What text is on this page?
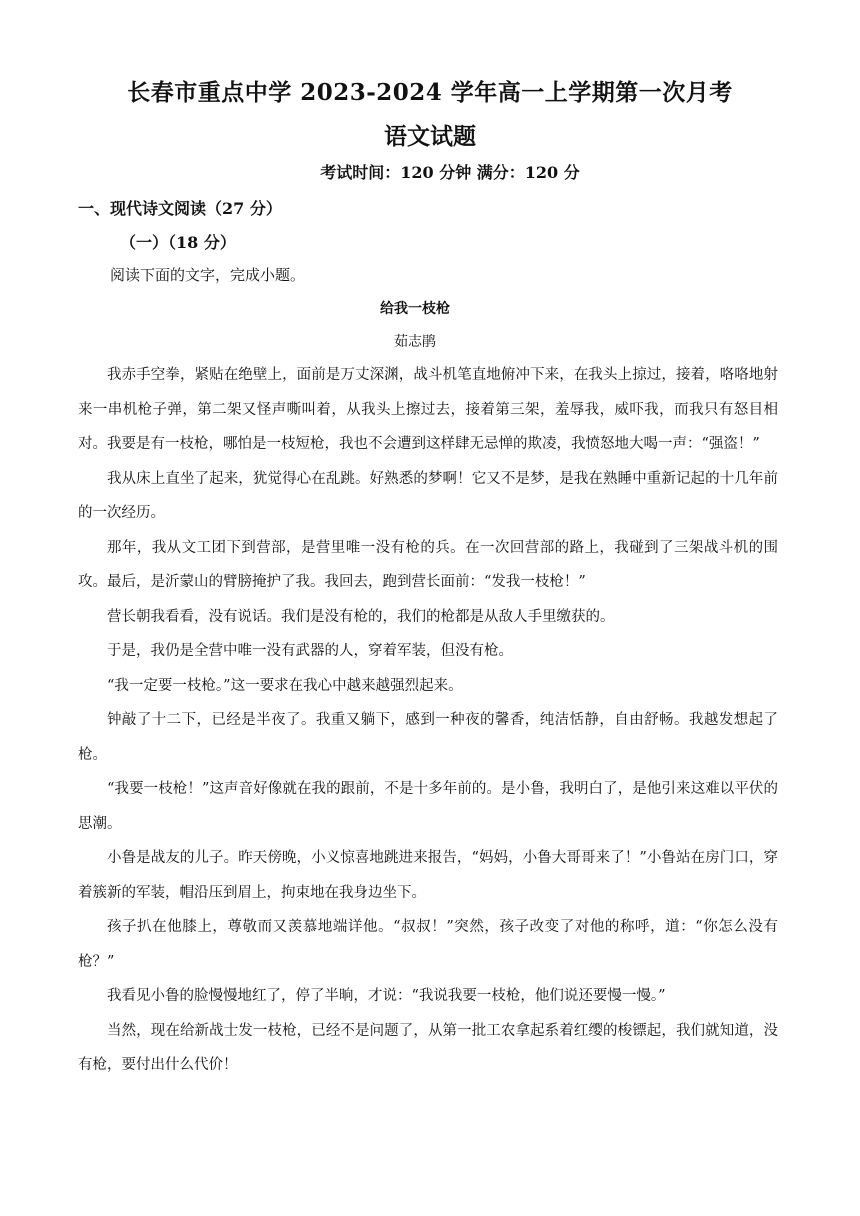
长春市重点中学 2023-2024 学年高一上学期第一次月考
语文试题
考试时间：120 分钟 满分：120 分
一、现代诗文阅读（27 分）
（一）（18 分）
阅读下面的文字，完成小题。
给我一枝枪
茹志鹃

我赤手空拳，紧贴在绝壁上，面前是万丈深渊，战斗机笔直地俯冲下来，在我头上掠过，接着，咯咯地射来一串机枪子弹，第二架又怪声嘶叫着，从我头上擦过去，接着第三架，羞辱我，威吓我，而我只有怒目相对。我要是有一枝枪，哪怕是一枝短枪，我也不会遭到这样肆无忌惮的欺凌，我愤怒地大喝一声：“强盗！”

我从床上直坐了起来，犹觉得心在乱跳。好熟悉的梦啊！它又不是梦，是我在熟睡中重新记起的十几年前的一次经历。

那年，我从文工团下到营部，是营里唯一没有枪的兵。在一次回营部的路上，我碰到了三架战斗机的围攻。最后，是沂蒙山的臂膀掩护了我。我回去，跑到营长面前：“发我一枝枪！”

营长朝我看看，没有说话。我们是没有枪的，我们的枪都是从敌人手里缴获的。

于是，我仍是全营中唯一没有武器的人，穿着军装，但没有枪。

“我一定要一枝枪。”这一要求在我心中越来越强烈起来。

钟敲了十二下，已经是半夜了。我重又躺下，感到一种夜的馨香，纯洁恬静，自由舒畅。我越发想起了枪。

“我要一枝枪！”这声音好像就在我的跟前，不是十多年前的。是小鲁，我明白了，是他引来这难以平伏的思潮。

小鲁是战友的儿子。昨天傍晚，小义惊喜地跳进来报告，“妈妈，小鲁大哥哥来了！”小鲁站在房门口，穿着簇新的军装，帽沿压到眉上，拘束地在我身边坐下。

孩子扒在他膝上，尊敬而又羡慕地端详他。“叔叔！”突然，孩子改变了对他的称呼，道：“你怎么没有枪？”

我看见小鲁的脸慢慢地红了，停了半晌，才说：“我说我要一枝枪，他们说还要慢一慢。”

当然，现在给新战士发一枝枪，已经不是问题了，从第一批工农拿起系着红缨的梭镖起，我们就知道，没有枪，要付出什么代价！
